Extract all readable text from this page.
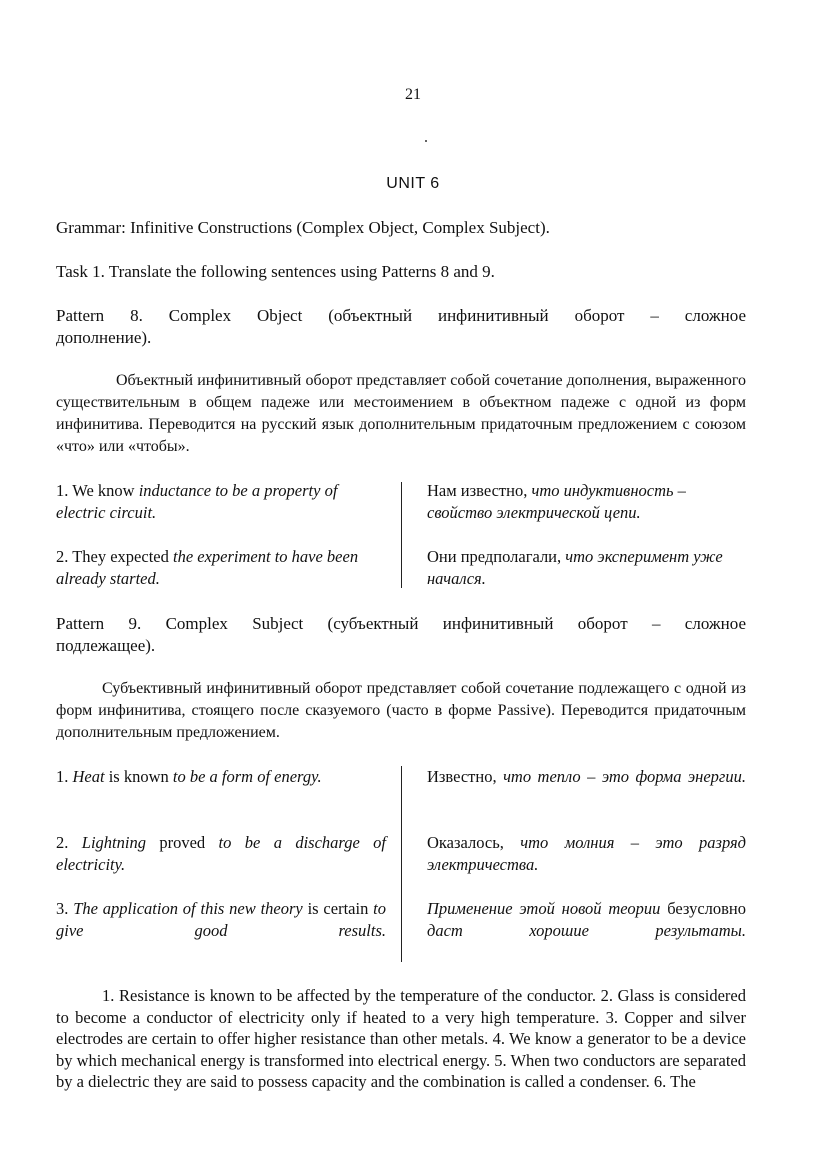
21
UNIT 6
Grammar: Infinitive Constructions (Complex Object, Complex Subject).
Task 1. Translate the following sentences using Patterns 8 and 9.
Pattern 8. Complex Object (объектный инфинитивный оборот – сложное
дополнение).
Объектный инфинитивный оборот представляет собой сочетание дополнения, выраженного существительным в общем падеже или местоимением в объектном падеже с одной из форм инфинитива. Переводится на русский язык дополнительным придаточным предложением с союзом «что» или «чтобы».
1. We know inductance to be a property of electric circuit.
Нам известно, что индуктивность – свойство электрической цепи.
2. They expected the experiment to have been already started.
Они предполагали, что эксперимент уже начался.
Pattern 9. Complex Subject (субъектный инфинитивный оборот – сложное
подлежащее).
Субъективный инфинитивный оборот представляет собой сочетание подлежащего с одной из форм инфинитива, стоящего после сказуемого (часто в форме Passive). Переводится придаточным дополнительным предложением.
1. Heat is known to be a form of energy.	Известно, что тепло – это форма энергии.
2. Lightning proved to be a discharge of electricity.
Оказалось, что молния – это разряд электричества.
3. The application of this new theory is certain to give good results.
Применение этой новой теории безусловно даст хорошие результаты.
1. Resistance is known to be affected by the temperature of the conductor. 2. Glass is considered to become a conductor of electricity only if heated to a very high temperature. 3. Copper and silver electrodes are certain to offer higher resistance than other metals. 4. We know a generator to be a device by which mechanical energy is transformed into electrical energy. 5. When two conductors are separated by a dielectric they are said to possess capacity and the combination is called a condenser. 6. The
